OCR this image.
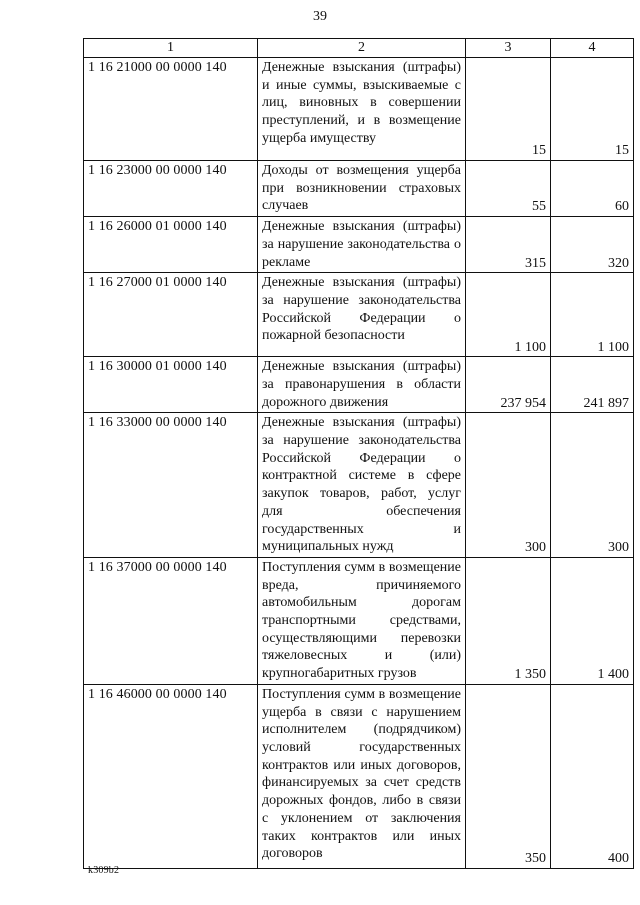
39
1	2	3	4
1 16 21000 00 0000 140	Денежные взыскания (штрафы) и иные суммы, взыскиваемые с лиц, виновных в совершении преступлений, и в возмещение ущерба имуществу	15	15
1 16 23000 00 0000 140	Доходы от возмещения ущерба при возникновении страховых случаев	55	60
1 16 26000 01 0000 140	Денежные взыскания (штрафы) за нарушение законодательства о рекламе	315	320
1 16 27000 01 0000 140	Денежные взыскания (штрафы) за нарушение законодательства Российской Федерации о пожарной безопасности	1 100	1 100
1 16 30000 01 0000 140	Денежные взыскания (штрафы) за правонарушения в области дорожного движения	237 954	241 897
1 16 33000 00 0000 140	Денежные взыскания (штрафы) за нарушение законодательства Российской Федерации о контрактной системе в сфере закупок товаров, работ, услуг для обеспечения государственных и муниципальных нужд	300	300
1 16 37000 00 0000 140	Поступления сумм в возмещение вреда, причиняемого автомобильным дорогам транспортными средствами, осуществляющими перевозки тяжеловесных и (или) крупногабаритных грузов	1 350	1 400
1 16 46000 00 0000 140	Поступления сумм в возмещение ущерба в связи с нарушением исполнителем (подрядчиком) условий государственных контрактов или иных договоров, финансируемых за счет средств дорожных фондов, либо в связи с уклонением от заключения таких контрактов или иных договоров	350	400
k309b2
